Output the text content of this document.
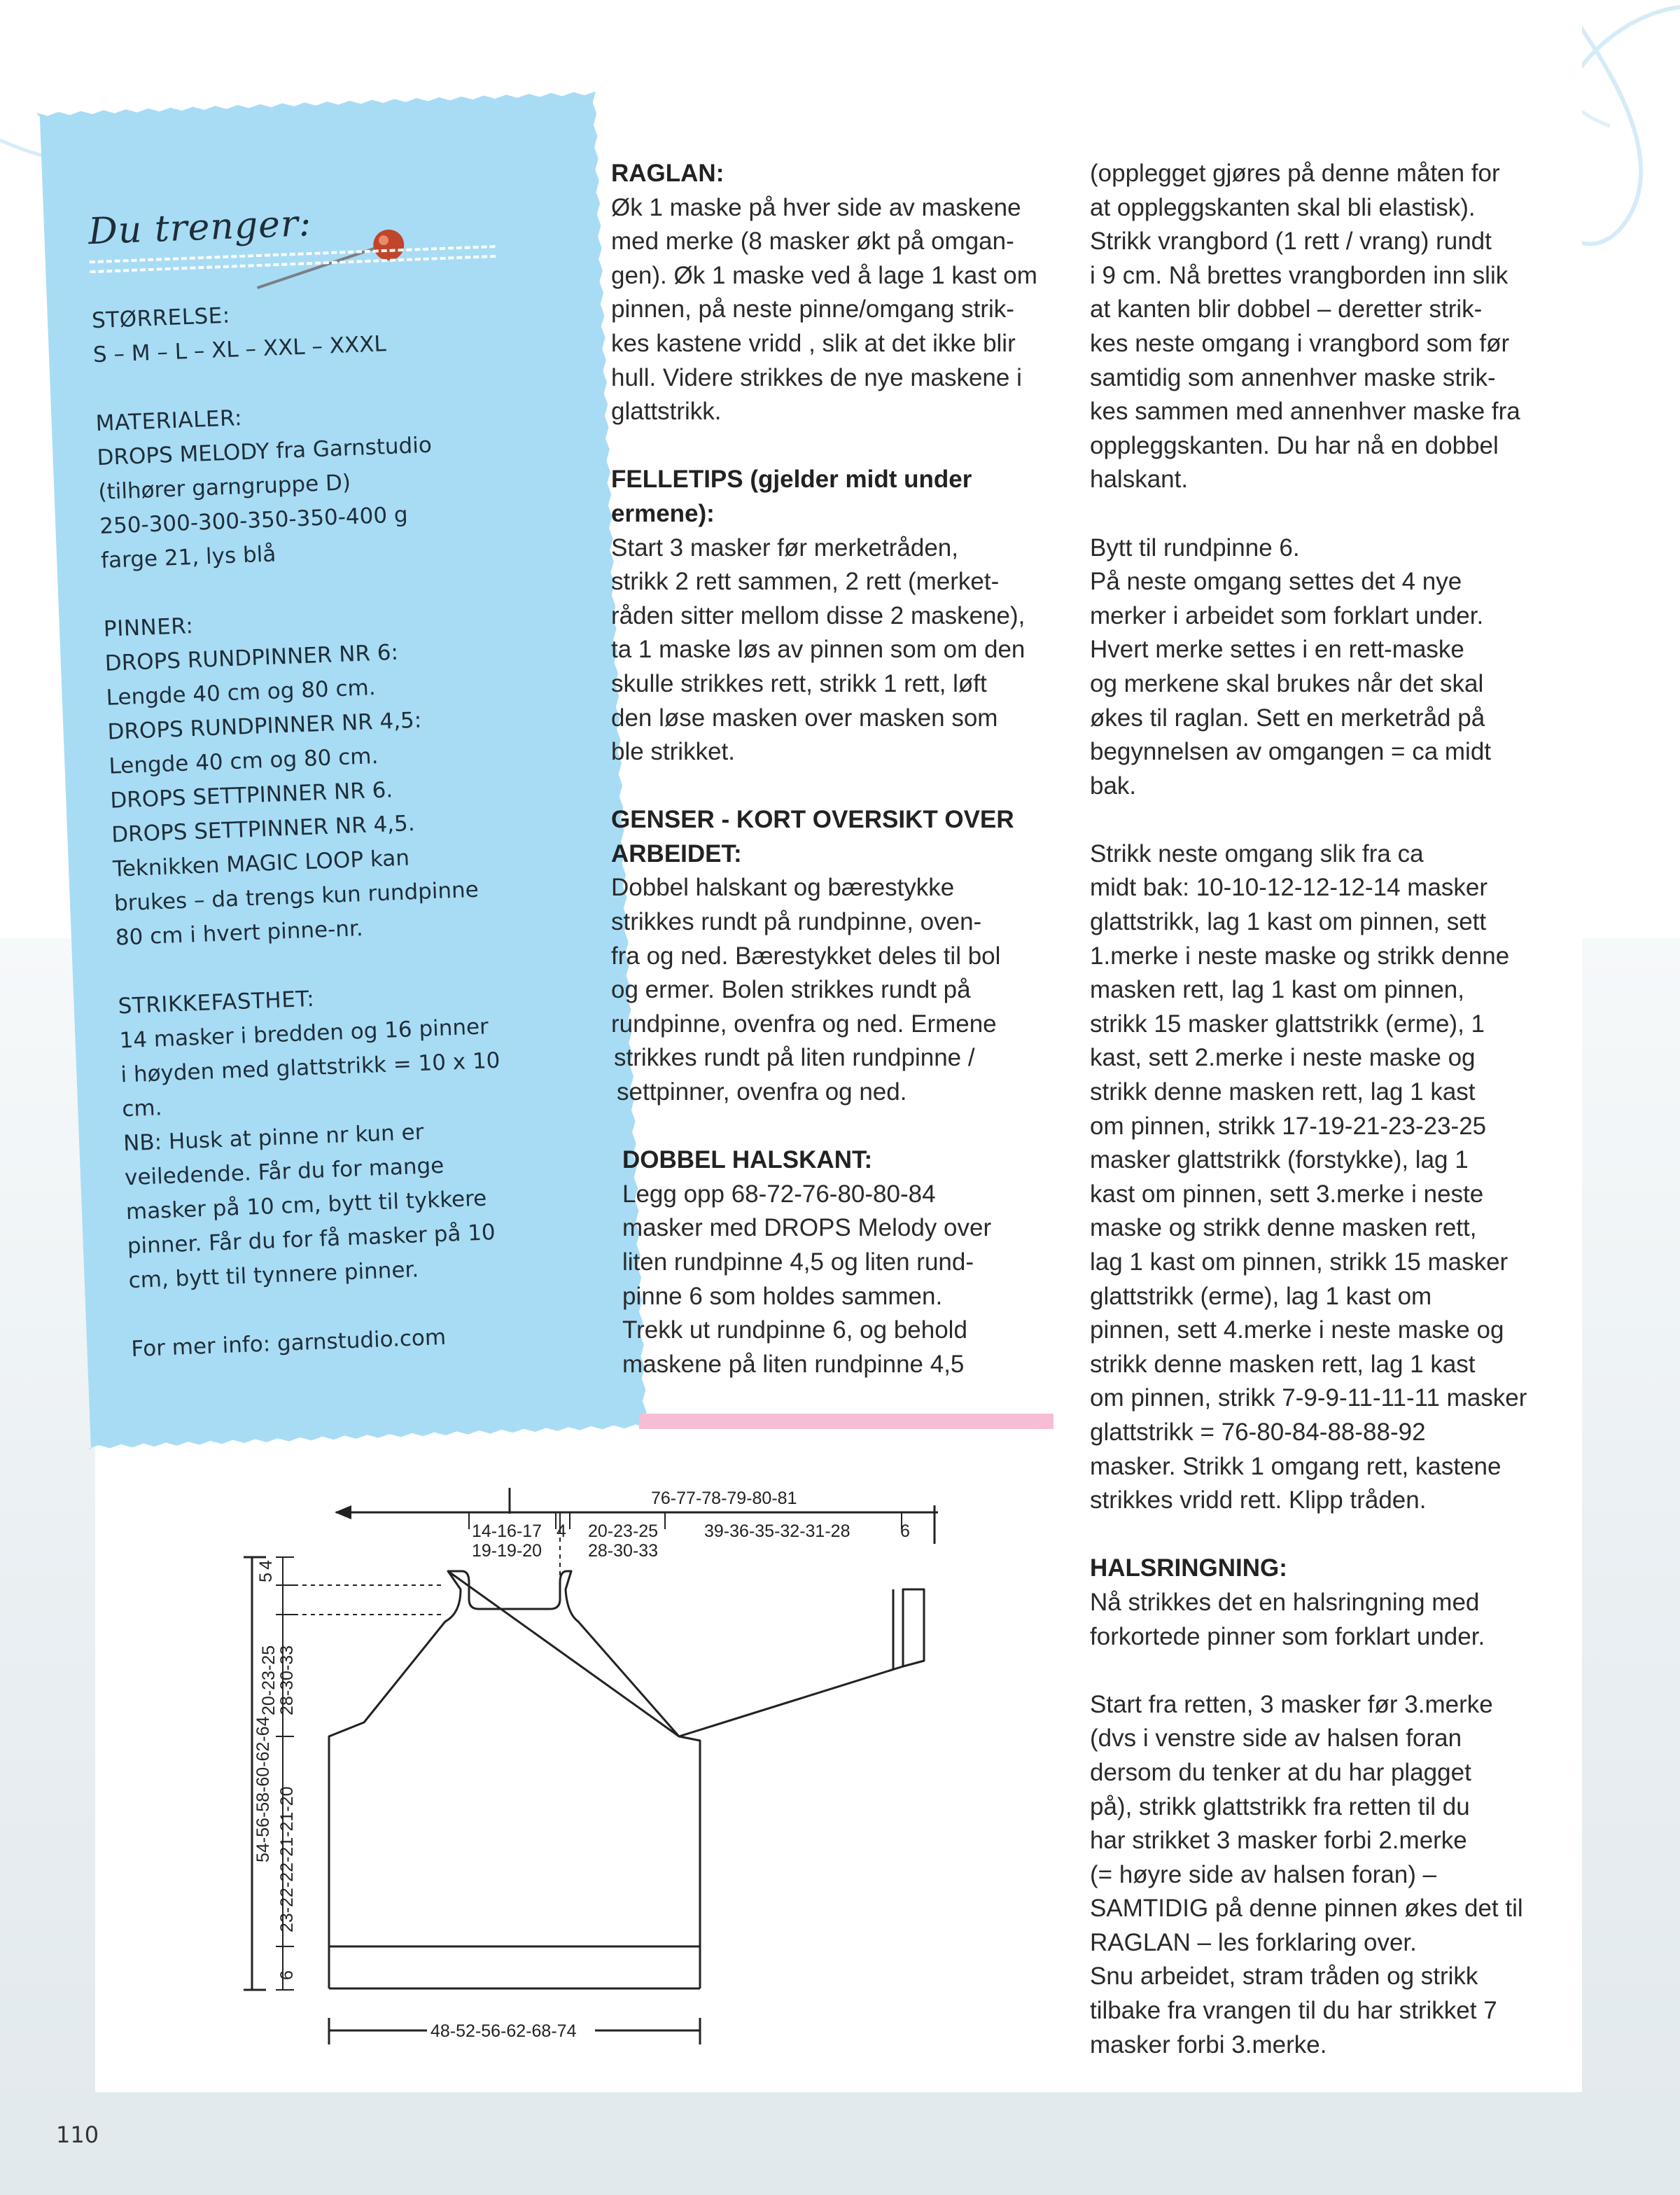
Du trenger:
STØRRELSE:
S – M – L – XL – XXL – XXXL
MATERIALER:
DROPS MELODY fra Garnstudio
(tilhører garngruppe D)
250-300-300-350-350-400 g
farge 21, lys blå
PINNER:
DROPS RUNDPINNER NR 6:
Lengde 40 cm og 80 cm.
DROPS RUNDPINNER NR 4,5:
Lengde 40 cm og 80 cm.
DROPS SETTPINNER NR 6.
DROPS SETTPINNER NR 4,5.
Teknikken MAGIC LOOP kan
brukes – da trengs kun rundpinne
80 cm i hvert pinne-nr.
STRIKKEFASTHET:
14 masker i bredden og 16 pinner
i høyden med glattstrikk = 10 x 10
cm.
NB: Husk at pinne nr kun er
veiledende. Får du for mange
masker på 10 cm, bytt til tykkere
pinner. Får du for få masker på 10
cm, bytt til tynnere pinner.
For mer info: garnstudio.com
RAGLAN:
Øk 1 maske på hver side av maskene
med merke (8 masker økt på omgan-
gen). Øk 1 maske ved å lage 1 kast om
pinnen, på neste pinne/omgang strik-
kes kastene vridd , slik at det ikke blir
hull. Videre strikkes de nye maskene i
glattstrikk.
FELLETIPS (gjelder midt under
ermene):
Start 3 masker før merketråden,
strikk 2 rett sammen, 2 rett (merket-
råden sitter mellom disse 2 maskene),
ta 1 maske løs av pinnen som om den
skulle strikkes rett, strikk 1 rett, løft
den løse masken over masken som
ble strikket.
GENSER - KORT OVERSIKT OVER
ARBEIDET:
Dobbel halskant og bærestykke
strikkes rundt på rundpinne, oven-
fra og ned. Bærestykket deles til bol
og ermer. Bolen strikkes rundt på
rundpinne, ovenfra og ned. Ermene
strikkes rundt på liten rundpinne /
settpinner, ovenfra og ned.
DOBBEL HALSKANT:
Legg opp 68-72-76-80-80-84
masker med DROPS Melody over
liten rundpinne 4,5 og liten rund-
pinne 6 som holdes sammen.
Trekk ut rundpinne 6, og behold
maskene på liten rundpinne 4,5
(opplegget gjøres på denne måten for
at oppleggskanten skal bli elastisk).
Strikk vrangbord (1 rett / vrang) rundt
i 9 cm. Nå brettes vrangborden inn slik
at kanten blir dobbel – deretter strik-
kes neste omgang i vrangbord som før
samtidig som annenhver maske strik-
kes sammen med annenhver maske fra
oppleggskanten. Du har nå en dobbel
halskant.
Bytt til rundpinne 6.
På neste omgang settes det 4 nye
merker i arbeidet som forklart under.
Hvert merke settes i en rett-maske
og merkene skal brukes når det skal
økes til raglan. Sett en merketråd på
begynnelsen av omgangen = ca midt
bak.
Strikk neste omgang slik fra ca
midt bak: 10-10-12-12-12-14 masker
glattstrikk, lag 1 kast om pinnen, sett
1.merke i neste maske og strikk denne
masken rett, lag 1 kast om pinnen,
strikk 15 masker glattstrikk (erme), 1
kast, sett 2.merke i neste maske og
strikk denne masken rett, lag 1 kast
om pinnen, strikk 17-19-21-23-23-25
masker glattstrikk (forstykke), lag 1
kast om pinnen, sett 3.merke i neste
maske og strikk denne masken rett,
lag 1 kast om pinnen, strikk 15 masker
glattstrikk (erme), lag 1 kast om
pinnen, sett 4.merke i neste maske og
strikk denne masken rett, lag 1 kast
om pinnen, strikk 7-9-9-11-11-11 masker
glattstrikk = 76-80-84-88-88-92
masker. Strikk 1 omgang rett, kastene
strikkes vridd rett. Klipp tråden.
HALSRINGNING:
Nå strikkes det en halsringning med
forkortede pinner som forklart under.
Start fra retten, 3 masker før 3.merke
(dvs i venstre side av halsen foran
dersom du tenker at du har plagget
på), strikk glattstrikk fra retten til du
har strikket 3 masker forbi 2.merke
(= høyre side av halsen foran) –
SAMTIDIG på denne pinnen økes det til
RAGLAN – les forklaring over.
Snu arbeidet, stram tråden og strikk
tilbake fra vrangen til du har strikket 7
masker forbi 3.merke.
76-77-78-79-80-81
14-16-17
19-19-20
4 20-23-25
28-30-33
39-36-35-32-31-28	6
5
4
20-23-25
28-30-33
54-56-58-60-62-64 23-22-22-21-21-20
6
48-52-56-62-68-74
110
